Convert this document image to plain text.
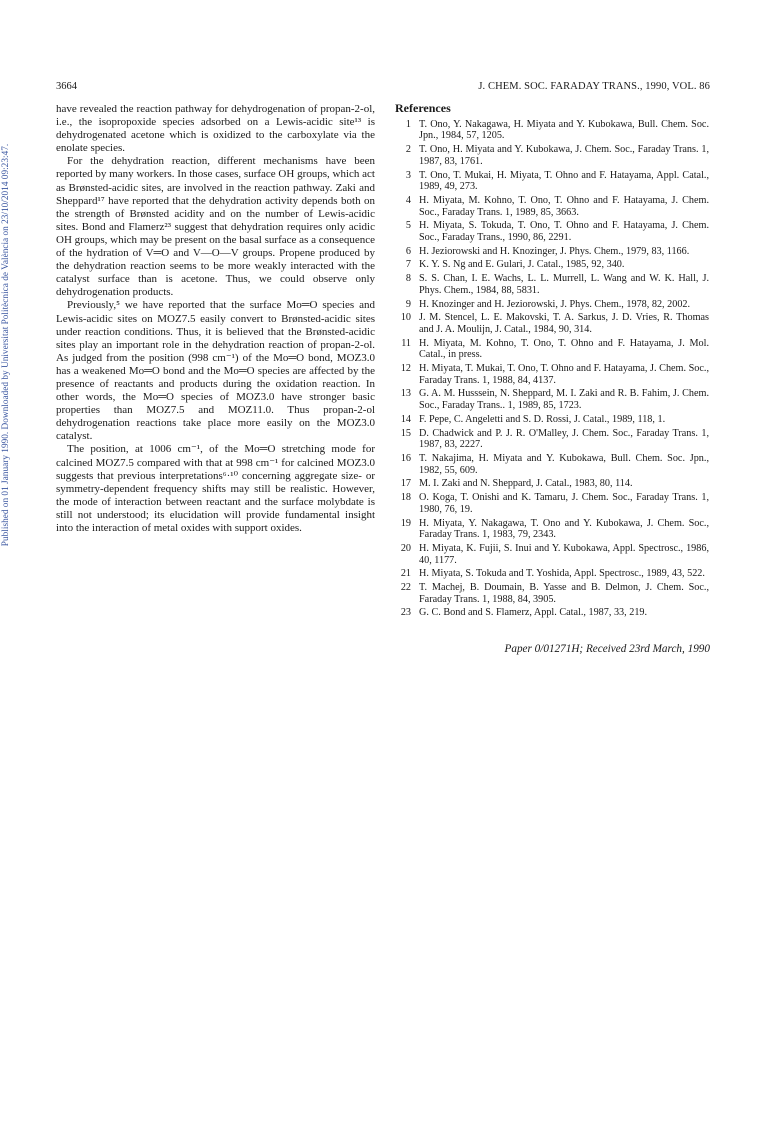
Published on 01 January 1990. Downloaded by Universitat Politècnica de València on 23/10/2014 09:23:47.
3664	J. CHEM. SOC. FARADAY TRANS., 1990, VOL. 86

have revealed the reaction pathway for dehydrogenation of propan-2-ol, i.e., the isopropoxide species adsorbed on a Lewis-acidic site¹³ is dehydrogenated acetone which is oxidized to the carboxylate via the enolate species.

For the dehydration reaction, different mechanisms have been reported by many workers. In those cases, surface OH groups, which act as Brønsted-acidic sites, are involved in the reaction pathway. Zaki and Sheppard¹⁷ have reported that the dehydration activity depends both on the strength of Brønsted acidity and on the number of Lewis-acidic sites. Bond and Flamerz²³ suggest that dehydration requires only acidic OH groups, which may be present on the basal surface as a consequence of the hydration of V═O and V—O—V groups. Propene produced by the dehydration reaction seems to be more weakly interacted with the catalyst surface than is acetone. Thus, we could observe only dehydrogenation products.

Previously,⁵ we have reported that the surface Mo═O species and Lewis-acidic sites on MOZ7.5 easily convert to Brønsted-acidic sites under reaction conditions. Thus, it is believed that the Brønsted-acidic sites play an important role in the dehydration reaction of propan-2-ol. As judged from the position (998 cm⁻¹) of the Mo═O bond, MOZ3.0 has a weakened Mo═O bond and the Mo═O species are affected by the presence of reactants and products during the oxidation reaction. In other words, the Mo═O species of MOZ3.0 have stronger basic properties than MOZ7.5 and MOZ11.0. Thus propan-2-ol dehydrogenation reactions take place more easily on the MOZ3.0 catalyst.

The position, at 1006 cm⁻¹, of the Mo═O stretching mode for calcined MOZ7.5 compared with that at 998 cm⁻¹ for calcined MOZ3.0 suggests that previous interpretations⁶·¹⁰ concerning aggregate size- or symmetry-dependent frequency shifts may still be realistic. However, the mode of interaction between reactant and the surface molybdate is still not understood; its elucidation will provide fundamental insight into the interaction of metal oxides with support oxides.

References
1 T. Ono, Y. Nakagawa, H. Miyata and Y. Kubokawa, Bull. Chem. Soc. Jpn., 1984, 57, 1205.
2 T. Ono, H. Miyata and Y. Kubokawa, J. Chem. Soc., Faraday Trans. 1, 1987, 83, 1761.
3 T. Ono, T. Mukai, H. Miyata, T. Ohno and F. Hatayama, Appl. Catal., 1989, 49, 273.
4 H. Miyata, M. Kohno, T. Ono, T. Ohno and F. Hatayama, J. Chem. Soc., Faraday Trans. 1, 1989, 85, 3663.
5 H. Miyata, S. Tokuda, T. Ono, T. Ohno and F. Hatayama, J. Chem. Soc., Faraday Trans., 1990, 86, 2291.
6 H. Jeziorowski and H. Knozinger, J. Phys. Chem., 1979, 83, 1166.
7 K. Y. S. Ng and E. Gulari, J. Catal., 1985, 92, 340.
8 S. S. Chan, I. E. Wachs, L. L. Murrell, L. Wang and W. K. Hall, J. Phys. Chem., 1984, 88, 5831.
9 H. Knozinger and H. Jeziorowski, J. Phys. Chem., 1978, 82, 2002.
10 J. M. Stencel, L. E. Makovski, T. A. Sarkus, J. D. Vries, R. Thomas and J. A. Moulijn, J. Catal., 1984, 90, 314.
11 H. Miyata, M. Kohno, T. Ono, T. Ohno and F. Hatayama, J. Mol. Catal., in press.
12 H. Miyata, T. Mukai, T. Ono, T. Ohno and F. Hatayama, J. Chem. Soc., Faraday Trans. 1, 1988, 84, 4137.
13 G. A. M. Husssein, N. Sheppard, M. I. Zaki and R. B. Fahim, J. Chem. Soc., Faraday Trans.. 1, 1989, 85, 1723.
14 F. Pepe, C. Angeletti and S. D. Rossi, J. Catal., 1989, 118, 1.
15 D. Chadwick and P. J. R. O'Malley, J. Chem. Soc., Faraday Trans. 1, 1987, 83, 2227.
16 T. Nakajima, H. Miyata and Y. Kubokawa, Bull. Chem. Soc. Jpn., 1982, 55, 609.
17 M. I. Zaki and N. Sheppard, J. Catal., 1983, 80, 114.
18 O. Koga, T. Onishi and K. Tamaru, J. Chem. Soc., Faraday Trans. 1, 1980, 76, 19.
19 H. Miyata, Y. Nakagawa, T. Ono and Y. Kubokawa, J. Chem. Soc., Faraday Trans. 1, 1983, 79, 2343.
20 H. Miyata, K. Fujii, S. Inui and Y. Kubokawa, Appl. Spectrosc., 1986, 40, 1177.
21 H. Miyata, S. Tokuda and T. Yoshida, Appl. Spectrosc., 1989, 43, 522.
22 T. Machej, B. Doumain, B. Yasse and B. Delmon, J. Chem. Soc., Faraday Trans. 1, 1988, 84, 3905.
23 G. C. Bond and S. Flamerz, Appl. Catal., 1987, 33, 219.
Paper 0/01271H; Received 23rd March, 1990
